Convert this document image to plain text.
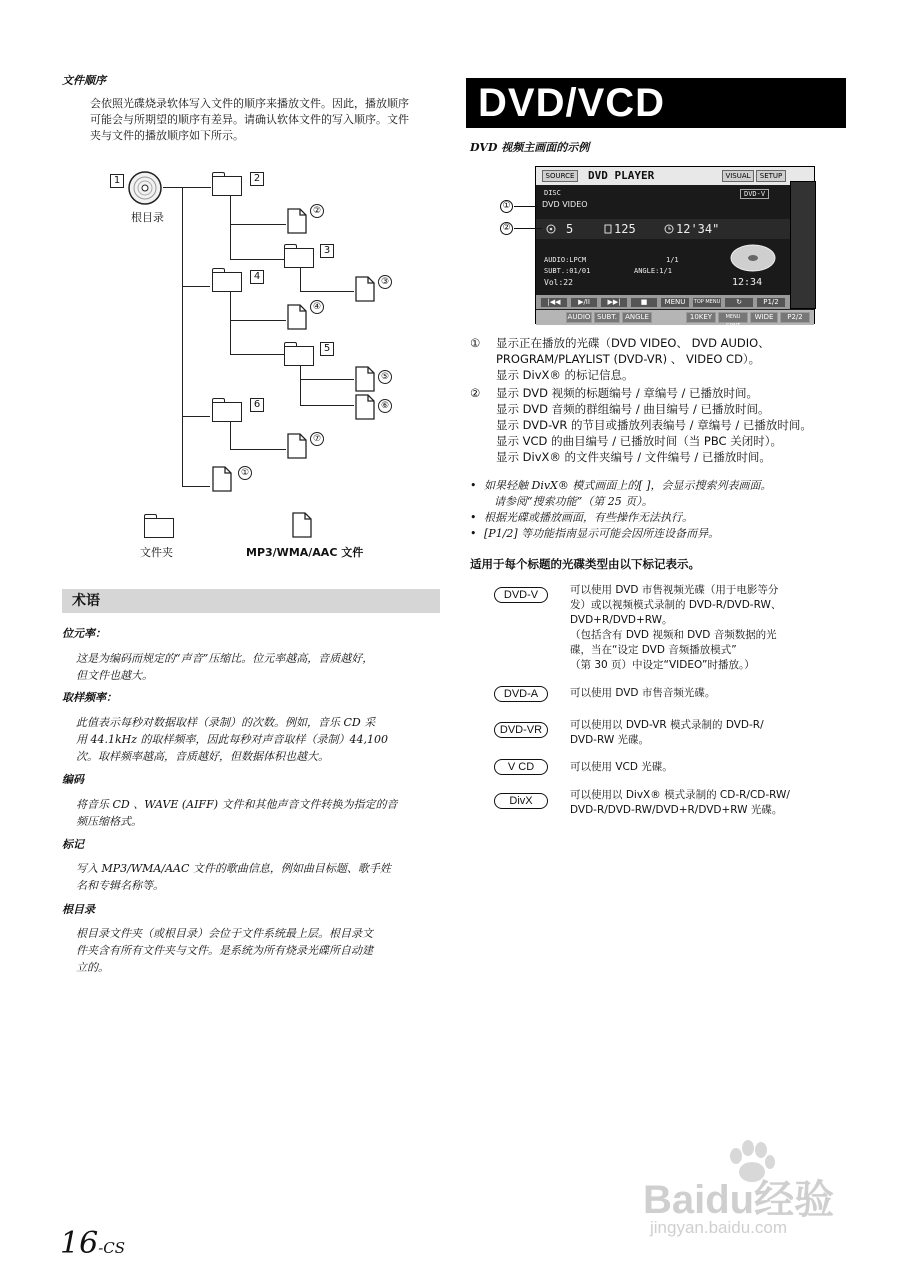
文件顺序
会依照光碟烧录软体写入文件的顺序来播放文件。因此，播放顺序
可能会与所期望的顺序有差异。请确认软体文件的写入顺序。文件
夹与文件的播放顺序如下所示。
1
根目录
2
②
3
③
4
④
5
⑤
⑥
6
⑦
①
文件夹	MP3/WMA/AAC 文件
术语
位元率：
这是为编码而规定的“声音”压缩比。位元率越高，音质越好，
但文件也越大。
取样频率：
此值表示每秒对数据取样（录制）的次数。例如，音乐 CD 采
用 44.1kHz 的取样频率，因此每秒对声音取样（录制）44,100
次。取样频率越高，音质越好，但数据体积也越大。
编码
将音乐 CD 、WAVE (AIFF) 文件和其他声音文件转换为指定的音
频压缩格式。
标记
写入 MP3/WMA/AAC 文件的歌曲信息，例如曲目标题、歌手姓
名和专辑名称等。
根目录
根目录文件夹（或根目录）会位于文件系统最上层。根目录文
件夹含有所有文件夹与文件。是系统为所有烧录光碟所自动建
立的。
16-CS
DVD/VCD
DVD 视频主画面的示例
SOURCE	DVD PLAYER	VISUAL	SETUP
DISC	DVD-V
DVD VIDEO
5	125	12'34"
AUDIO:LPCM	1/1
SUBT.:01/01	ANGLE:1/1
Vol:22	12:34
|◀◀	▶/II	▶▶|	■	MENU	TOP MENU	↻	P1/2
AUDIO SUBT.	ANGLE	10KEY	MENU CONT
WIDE	P2/2
①
②
① 显示正在播放的光碟（DVD VIDEO、 DVD AUDIO、
PROGRAM/PLAYLIST (DVD-VR) 、 VIDEO CD）。
显示 DivX® 的标记信息。
② 显示 DVD 视频的标题编号 / 章编号 / 已播放时间。
显示 DVD 音频的群组编号 / 曲目编号 / 已播放时间。
显示 DVD-VR 的节目或播放列表编号 / 章编号 / 已播放时间。
显示 VCD 的曲目编号 / 已播放时间（当 PBC 关闭时）。
显示 DivX® 的文件夹编号 / 文件编号 / 已播放时间。
• 如果轻触 DivX® 模式画面上的[ ]，会显示搜索列表画面。
请参阅“搜索功能”（第 25 页）。
• 根据光碟或播放画面，有些操作无法执行。
• [P1/2] 等功能指南显示可能会因所连设备而异。
适用于每个标题的光碟类型由以下标记表示。
DVD-V	可以使用 DVD 市售视频光碟（用于电影等分
发）或以视频模式录制的 DVD-R/DVD-RW、
DVD+R/DVD+RW。
（包括含有 DVD 视频和 DVD 音频数据的光
碟，当在“设定 DVD 音频播放模式”
（第 30 页）中设定“VIDEO”时播放。）
DVD-A	可以使用 DVD 市售音频光碟。
DVD-VR	可以使用以 DVD-VR 模式录制的 DVD-R/
DVD-RW 光碟。
V CD	可以使用 VCD 光碟。
DivX	可以使用以 DivX® 模式录制的 CD-R/CD-RW/
DVD-R/DVD-RW/DVD+R/DVD+RW 光碟。
Baidu经验
jingyan.baidu.com
